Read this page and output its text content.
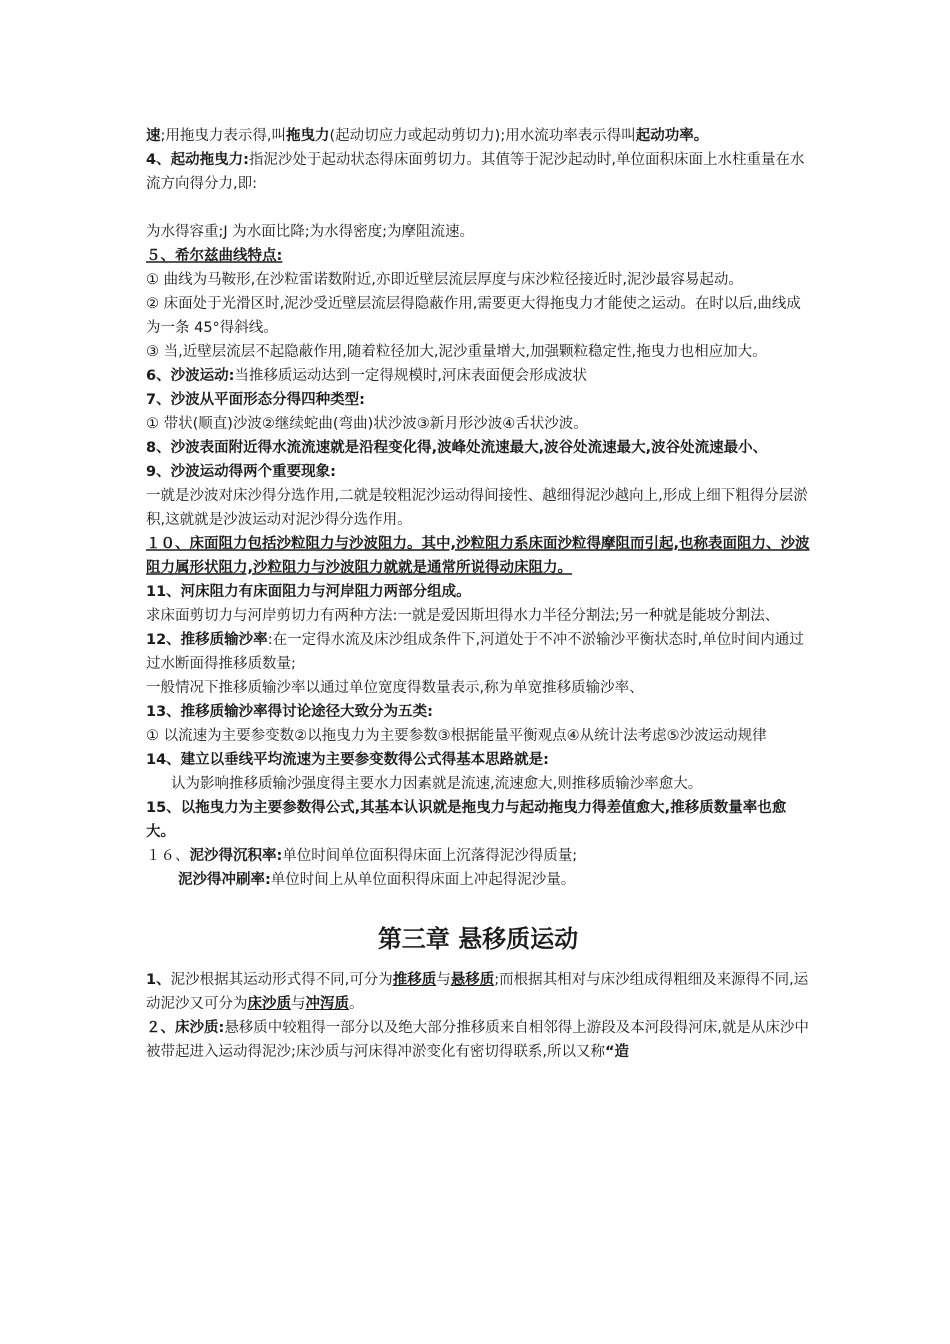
速;用拖曳力表示得,叫拖曳力(起动切应力或起动剪切力);用水流功率表示得叫起动功率。

4、起动拖曳力:指泥沙处于起动状态得床面剪切力。其值等于泥沙起动时,单位面积床面上水柱重量在水流方向得分力,即:

为水得容重;J 为水面比降;为水得密度;为摩阻流速。

５、希尔兹曲线特点:

① 曲线为马鞍形,在沙粒雷诺数附近,亦即近壁层流层厚度与床沙粒径接近时,泥沙最容易起动。

② 床面处于光滑区时,泥沙受近壁层流层得隐蔽作用,需要更大得拖曳力才能使之运动。在时以后,曲线成为一条 45°得斜线。

③ 当,近壁层流层不起隐蔽作用,随着粒径加大,泥沙重量增大,加强颗粒稳定性,拖曳力也相应加大。

6、沙波运动:当推移质运动达到一定得规模时,河床表面便会形成波状

7、沙波从平面形态分得四种类型:

① 带状(顺直)沙波②继续蛇曲(弯曲)状沙波③新月形沙波④舌状沙波。

8、沙波表面附近得水流流速就是沿程变化得,波峰处流速最大,波谷处流速最大,波谷处流速最小、

9、沙波运动得两个重要现象:

一就是沙波对床沙得分选作用,二就是较粗泥沙运动得间接性、越细得泥沙越向上,形成上细下粗得分层淤积,这就就是沙波运动对泥沙得分选作用。

１０、床面阻力包括沙粒阻力与沙波阻力。其中,沙粒阻力系床面沙粒得摩阻而引起,也称表面阻力、沙波阻力属形状阻力,沙粒阻力与沙波阻力就就是通常所说得动床阻力。

11、河床阻力有床面阻力与河岸阻力两部分组成。

求床面剪切力与河岸剪切力有两种方法:一就是爱因斯坦得水力半径分割法;另一种就是能坡分割法、

12、推移质输沙率:在一定得水流及床沙组成条件下,河道处于不冲不淤输沙平衡状态时,单位时间内通过过水断面得推移质数量;

一般情况下推移质输沙率以通过单位宽度得数量表示,称为单宽推移质输沙率、

13、推移质输沙率得讨论途径大致分为五类:

① 以流速为主要参变数②以拖曳力为主要参数③根据能量平衡观点④从统计法考虑⑤沙波运动规律

14、建立以垂线平均流速为主要参变数得公式得基本思路就是:

认为影响推移质输沙强度得主要水力因素就是流速,流速愈大,则推移质输沙率愈大。

15、以拖曳力为主要参数得公式,其基本认识就是拖曳力与起动拖曳力得差值愈大,推移质数量率也愈大。

１６、泥沙得沉积率:单位时间单位面积得床面上沉落得泥沙得质量;

泥沙得冲刷率:单位时间上从单位面积得床面上冲起得泥沙量。

第三章 悬移质运动

1、泥沙根据其运动形式得不同,可分为推移质与悬移质;而根据其相对与床沙组成得粗细及来源得不同,运动泥沙又可分为床沙质与冲泻质。

２、床沙质:悬移质中较粗得一部分以及绝大部分推移质来自相邻得上游段及本河段得河床,就是从床沙中被带起进入运动得泥沙;床沙质与河床得冲淤变化有密切得联系,所以又称“造
